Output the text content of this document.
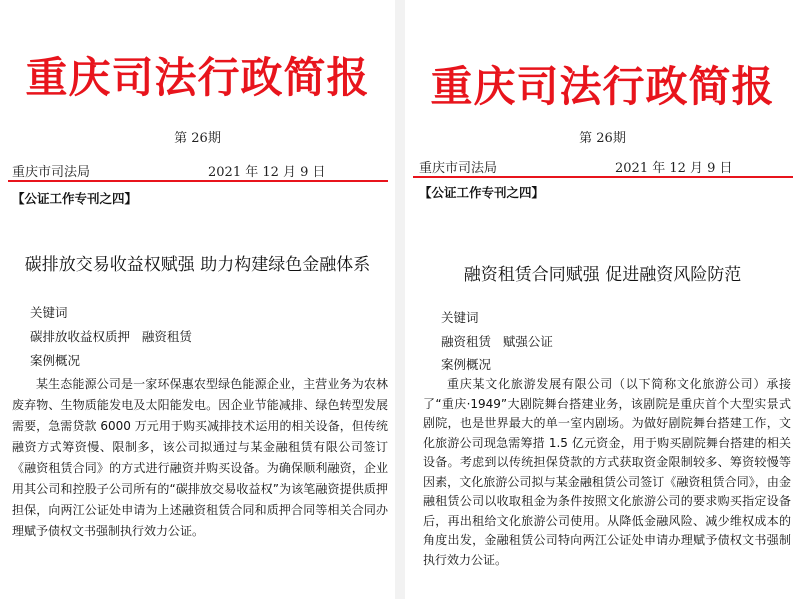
重庆司法行政简报
第 26期
重庆市司法局	2021 年 12 月 9 日
【公证工作专刊之四】
碳排放交易收益权赋强 助力构建绿色金融体系
关键词
碳排放收益权质押   融资租赁
案例概况
某生态能源公司是一家环保惠农型绿色能源企业，主营业务为农林废弃物、生物质能发电及太阳能发电。因企业节能减排、绿色转型发展需要，急需贷款 6000 万元用于购买减排技术运用的相关设备，但传统融资方式筹资慢、限制多，该公司拟通过与某金融租赁有限公司签订《融资租赁合同》的方式进行融资并购买设备。为确保顺利融资，企业用其公司和控股子公司所有的“碳排放交易收益权”为该笔融资提供质押担保，向两江公证处申请为上述融资租赁合同和质押合同等相关合同办理赋予债权文书强制执行效力公证。
重庆司法行政简报
第 26期
重庆市司法局	2021 年 12 月 9 日
【公证工作专刊之四】
融资租赁合同赋强 促进融资风险防范
关键词
融资租赁   赋强公证
案例概况
重庆某文化旅游发展有限公司（以下简称文化旅游公司）承接了“重庆·1949”大剧院舞台搭建业务，该剧院是重庆首个大型实景式剧院，也是世界最大的单一室内剧场。为做好剧院舞台搭建工作，文化旅游公司现急需筹措 1.5 亿元资金，用于购买剧院舞台搭建的相关设备。考虑到以传统担保贷款的方式获取资金限制较多、筹资较慢等因素，文化旅游公司拟与某金融租赁公司签订《融资租赁合同》，由金融租赁公司以收取租金为条件按照文化旅游公司的要求购买指定设备后，再出租给文化旅游公司使用。从降低金融风险、减少维权成本的角度出发，金融租赁公司特向两江公证处申请办理赋予债权文书强制执行效力公证。
